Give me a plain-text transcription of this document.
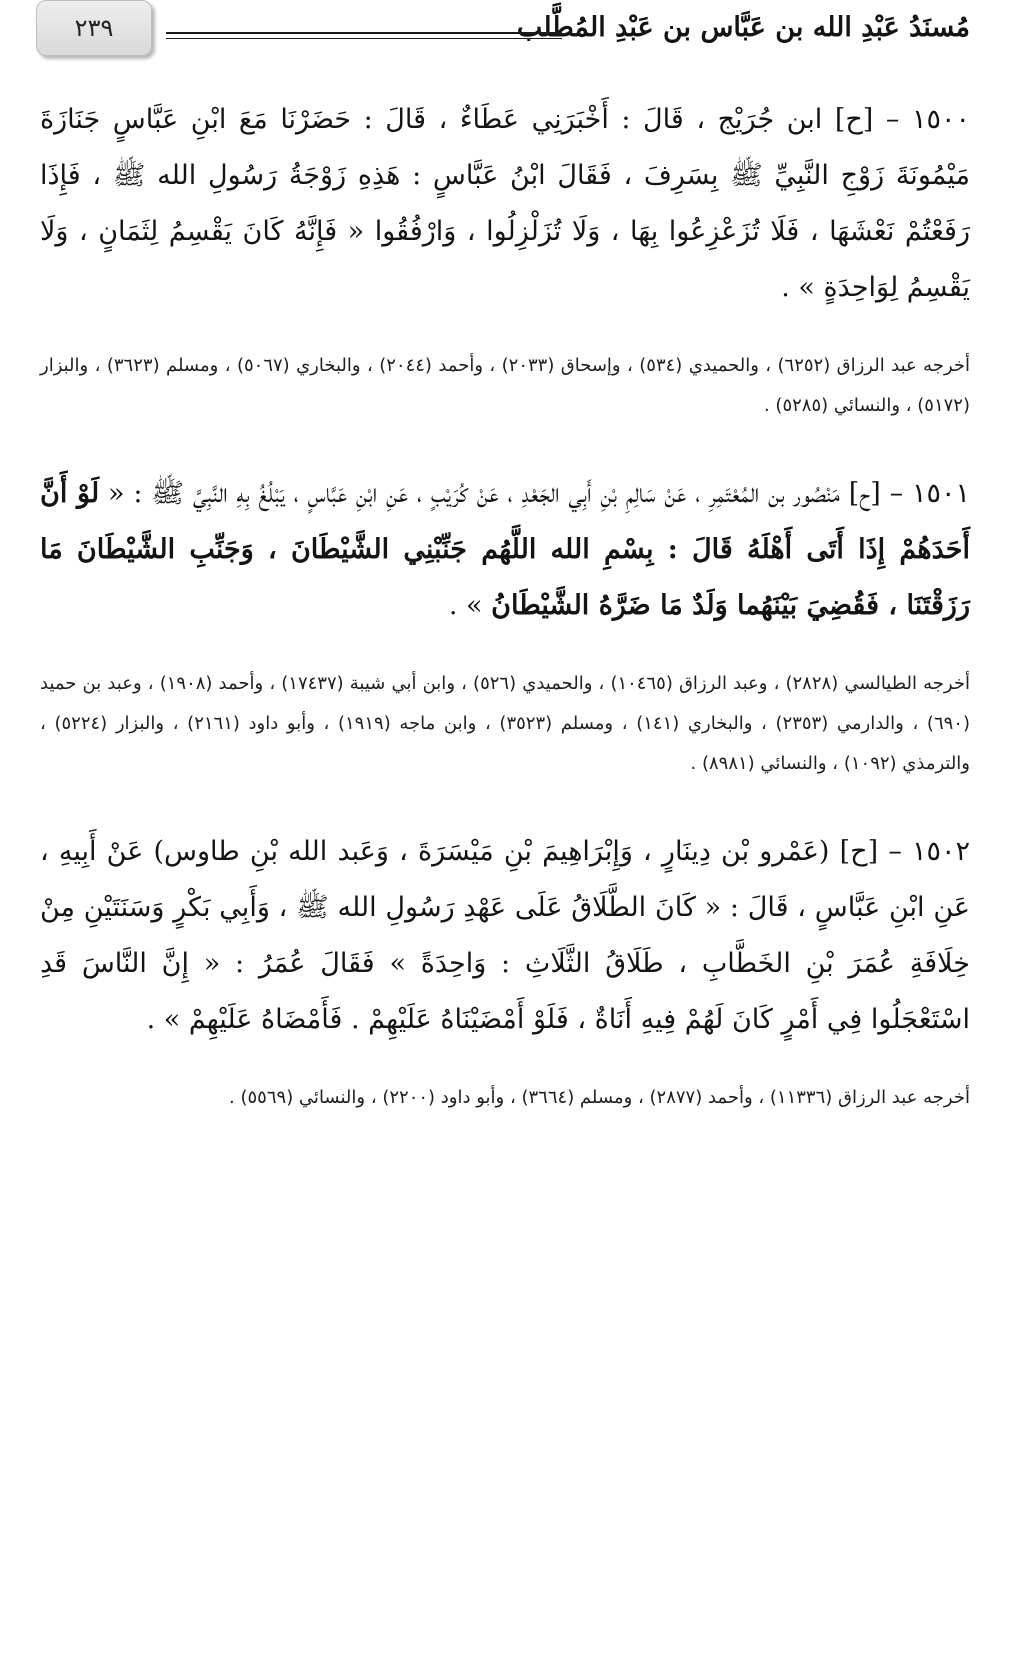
مُسنَدُ عَبْدِ الله بن عَبَّاس بن عَبْدِ المُطَّلب
٢٣٩

١٥٠٠ – [ح] ابن جُرَيْج ، قَالَ : أَخْبَرَنِي عَطَاءٌ ، قَالَ : حَضَرْنَا مَعَ ابْنِ عَبَّاسٍ جَنَازَةَ مَيْمُونَةَ زَوْجِ النَّبِيِّ ﷺ بِسَرِفَ ، فَقَالَ ابْنُ عَبَّاسٍ : هَذِهِ زَوْجَةُ رَسُولِ الله ﷺ ، فَإِذَا رَفَعْتُمْ نَعْشَهَا ، فَلَا تُزَعْزِعُوا بِهَا ، وَلَا تُزَلْزِلُوا ، وَارْفُقُوا « فَإِنَّهُ كَانَ يَقْسِمُ لِثَمَانٍ ، وَلَا يَقْسِمُ لِوَاحِدَةٍ » .

أخرجه عبد الرزاق (٦٢٥٢) ، والحميدي (٥٣٤) ، وإسحاق (٢٠٣٣) ، وأحمد (٢٠٤٤) ، والبخاري (٥٠٦٧) ، ومسلم (٣٦٢٣) ، والبزار (٥١٧٢) ، والنسائي (٥٢٨٥) .

١٥٠١ – [ح] مَنْصُور بن المُعْتَمِرِ ، عَنْ سَالِمِ بْنِ أَبِي الجَعْدِ ، عَنْ كُرَيْبٍ ، عَنِ ابْنِ عَبَّاسٍ ، يَبْلُغُ بِهِ النَّبِيَّ ﷺ : « لَوْ أَنَّ أَحَدَهُمْ إِذَا أَتَى أَهْلَهُ قَالَ : بِسْمِ الله اللَّهُم جَنِّبْنِي الشَّيْطَانَ ، وَجَنِّبِ الشَّيْطَانَ مَا رَزَقْتَنَا ، فَقُضِيَ بَيْنَهُما وَلَدٌ مَا ضَرَّهُ الشَّيْطَانُ » .

أخرجه الطيالسي (٢٨٢٨) ، وعبد الرزاق (١٠٤٦٥) ، والحميدي (٥٢٦) ، وابن أبي شيبة (١٧٤٣٧) ، وأحمد (١٩٠٨) ، وعبد بن حميد (٦٩٠) ، والدارمي (٢٣٥٣) ، والبخاري (١٤١) ، ومسلم (٣٥٢٣) ، وابن ماجه (١٩١٩) ، وأبو داود (٢١٦١) ، والبزار (٥٢٢٤) ، والترمذي (١٠٩٢) ، والنسائي (٨٩٨١) .

١٥٠٢ – [ح] (عَمْرو بْن دِينَارٍ ، وَإِبْرَاهِيمَ بْنِ مَيْسَرَةَ ، وَعَبد الله بْنِ طاوس) عَنْ أَبِيهِ ، عَنِ ابْنِ عَبَّاسٍ ، قَالَ : « كَانَ الطَّلَاقُ عَلَى عَهْدِ رَسُولِ الله ﷺ ، وَأَبِي بَكْرٍ وَسَنَتَيْنِ مِنْ خِلَافَةِ عُمَرَ بْنِ الخَطَّابِ ، طَلَاقُ الثَّلَاثِ : وَاحِدَةً » فَقَالَ عُمَرُ : « إِنَّ النَّاسَ قَدِ اسْتَعْجَلُوا فِي أَمْرٍ كَانَ لَهُمْ فِيهِ أَنَاةٌ ، فَلَوْ أَمْضَيْنَاهُ عَلَيْهِمْ . فَأَمْضَاهُ عَلَيْهِمْ » .

أخرجه عبد الرزاق (١١٣٣٦) ، وأحمد (٢٨٧٧) ، ومسلم (٣٦٦٤) ، وأبو داود (٢٢٠٠) ، والنسائي (٥٥٦٩) .
